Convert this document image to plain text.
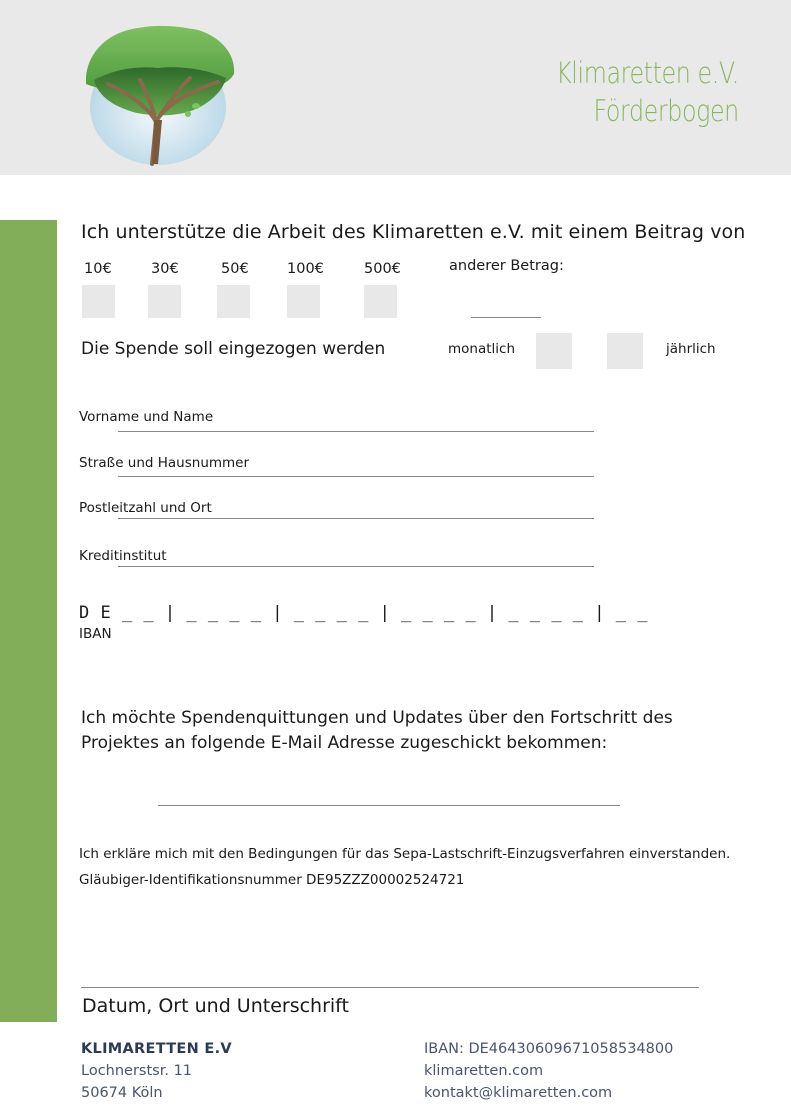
Klimaretten e.V.
Förderbogen
Ich unterstütze die Arbeit des Klimaretten e.V. mit einem Beitrag von
10€	30€	50€	100€	500€	anderer Betrag:
Die Spende soll eingezogen werden	monatlich	jährlich
Vorname und Name
Straße und Hausnummer
Postleitzahl und Ort
Kreditinstitut
D E _ _ | _ _ _ _ | _ _ _ _ | _ _ _ _ | _ _ _ _ | _ _
IBAN
Ich möchte Spendenquittungen und Updates über den Fortschritt des
Projektes an folgende E-Mail Adresse zugeschickt bekommen:
Ich erkläre mich mit den Bedingungen für das Sepa-Lastschrift-Einzugsverfahren einverstanden.
Gläubiger-Identifikationsnummer DE95ZZZ00002524721
Datum, Ort und Unterschrift
KLIMARETTEN E.V
Lochnerstsr. 11
50674 Köln
IBAN: DE46430609671058534800
klimaretten.com
kontakt@klimaretten.com
